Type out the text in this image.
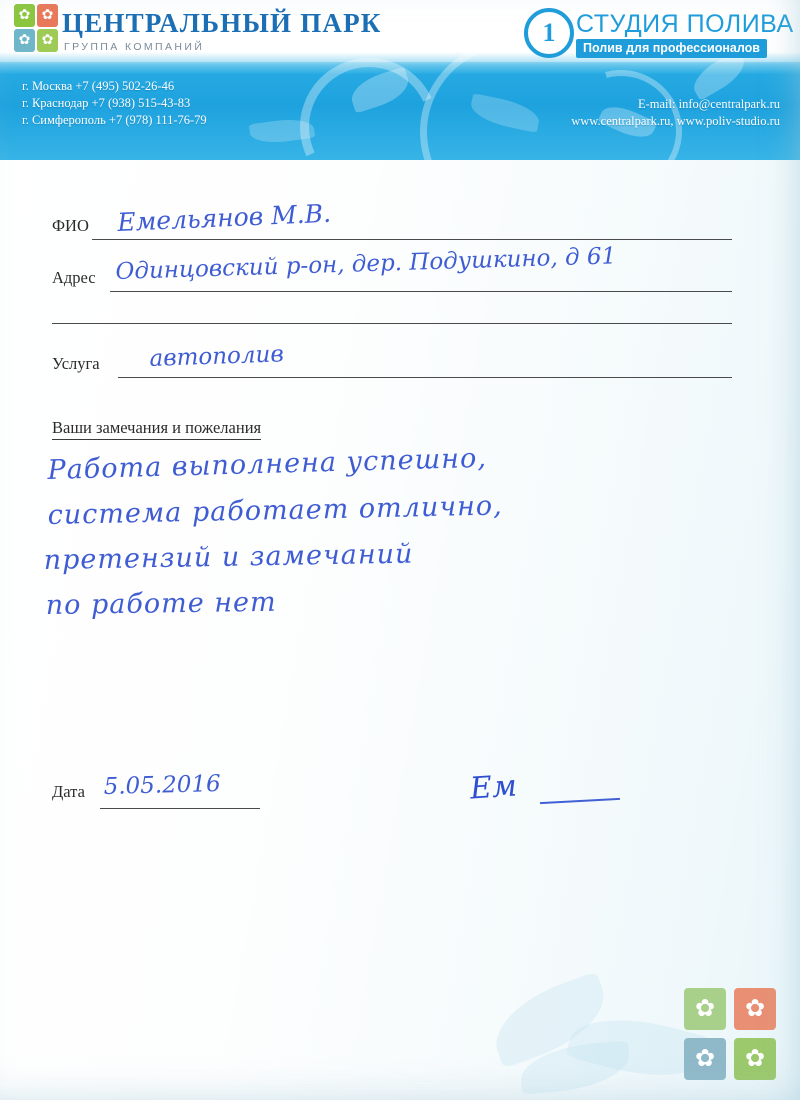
✿ ✿
✿ ✿
ЦЕНТРАЛЬНЫЙ ПАРК
ГРУППА КОМПАНИЙ	1 СТУДИЯ ПОЛИВА
Полив для профессионалов
г. Москва +7 (495) 502-26-46
г. Краснодар +7 (938) 515-43-83
г. Симферополь +7 (978) 111-76-79
E-mail: info@centralpark.ru
www.centralpark.ru, www.poliv-studio.ru
ФИО Емельянов М.В.
Адрес Одинцовский р-он, дер. Подушкино, д 61
Услуга автополив
Ваши замечания и пожелания
Работа выполнена успешно,
система работает отлично,
претензий и замечаний
по работе нет
Дата 5.05.2016	Ем
✿	✿
✿	✿
